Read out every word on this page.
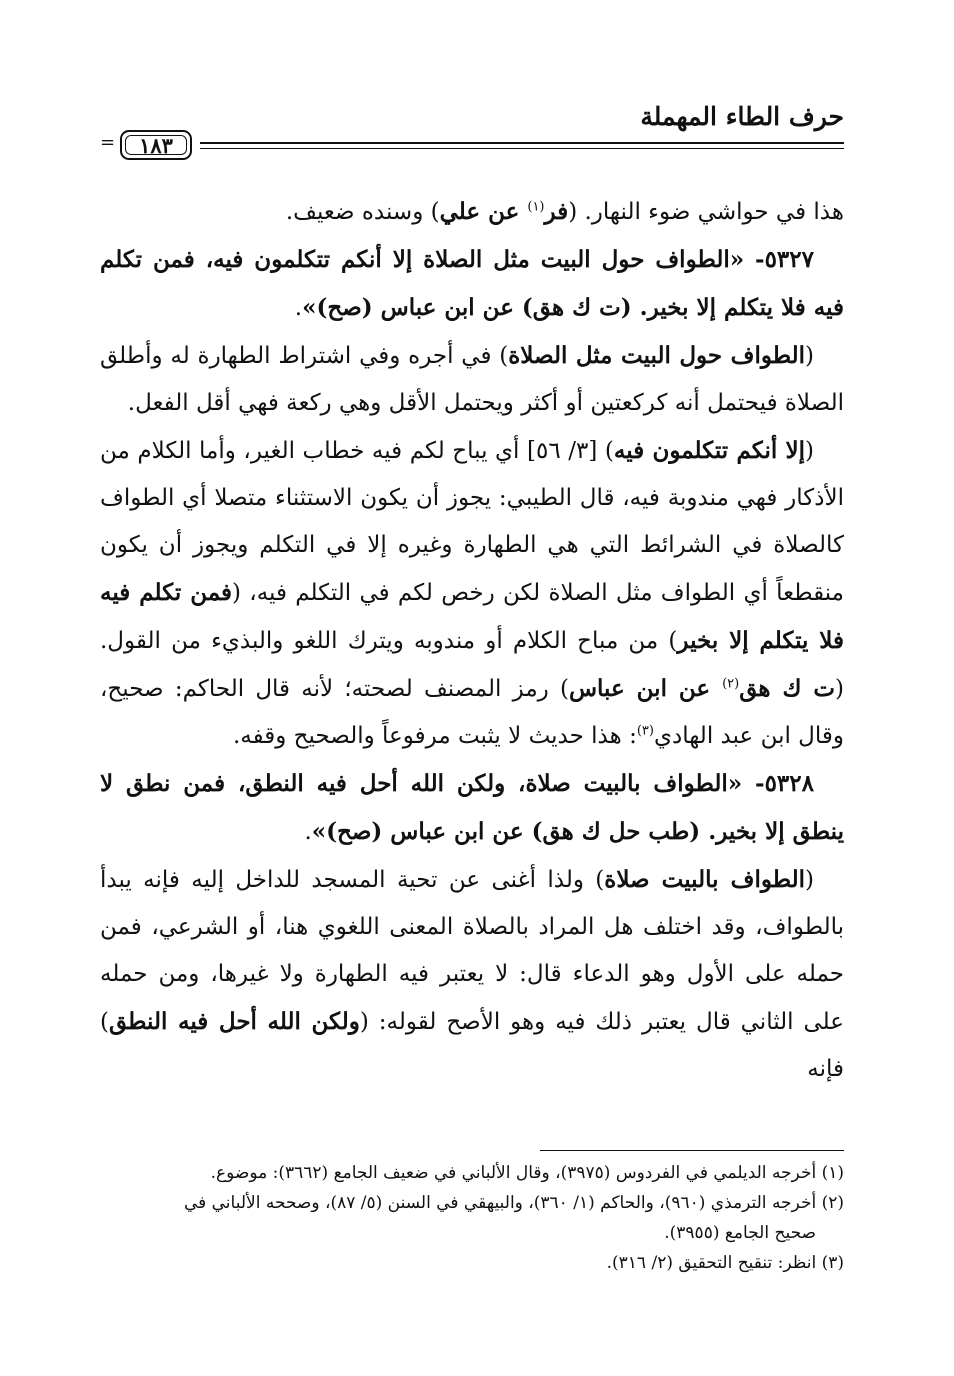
حرف الطاء المهملة
= ١٨٣

هذا في حواشي ضوء النهار. (فر$^{(١)}$ عن علي) وسنده ضعيف.

٥٣٢٧- «الطواف حول البيت مثل الصلاة إلا أنكم تتكلمون فيه، فمن تكلم فيه فلا يتكلم إلا بخير. (ت ك هق) عن ابن عباس (صح)».

(الطواف حول البيت مثل الصلاة) في أجره وفي اشتراط الطهارة له وأطلق الصلاة فيحتمل أنه كركعتين أو أكثر ويحتمل الأقل وهي ركعة فهي أقل الفعل.

(إلا أنكم تتكلمون فيه) [٣/ ٥٦] أي يباح لكم فيه خطاب الغير، وأما الكلام من الأذكار فهي مندوبة فيه، قال الطيبي: يجوز أن يكون الاستثناء متصلا أي الطواف كالصلاة في الشرائط التي هي الطهارة وغيره إلا في التكلم ويجوز أن يكون منقطعاً أي الطواف مثل الصلاة لكن رخص لكم في التكلم فيه، (فمن تكلم فيه فلا يتكلم إلا بخير) من مباح الكلام أو مندوبه ويترك اللغو والبذيء من القول. (ت ك هق$^{(٢)}$ عن ابن عباس) رمز المصنف لصحته؛ لأنه قال الحاكم: صحيح، وقال ابن عبد الهادي$^{(٣)}$: هذا حديث لا يثبت مرفوعاً والصحيح وقفه.

٥٣٢٨- «الطواف بالبيت صلاة، ولكن الله أحل فيه النطق، فمن نطق لا ينطق إلا بخير. (طب حل ك هق) عن ابن عباس (صح)».

(الطواف بالبيت صلاة) ولذا أغنى عن تحية المسجد للداخل إليه فإنه يبدأ بالطواف، وقد اختلف هل المراد بالصلاة المعنى اللغوي هنا، أو الشرعي، فمن حمله على الأول وهو الدعاء قال: لا يعتبر فيه الطهارة ولا غيرها، ومن حمله على الثاني قال يعتبر ذلك فيه وهو الأصح لقوله: (ولكن الله أحل فيه النطق) فإنه

(١) أخرجه الديلمي في الفردوس (٣٩٧٥)، وقال الألباني في ضعيف الجامع (٣٦٦٢): موضوع.

(٢) أخرجه الترمذي (٩٦٠)، والحاكم (١/ ٣٦٠)، والبيهقي في السنن (٥/ ٨٧)، وصححه الألباني في

صحيح الجامع (٣٩٥٥).

(٣) انظر: تنقيح التحقيق (٢/ ٣١٦).
